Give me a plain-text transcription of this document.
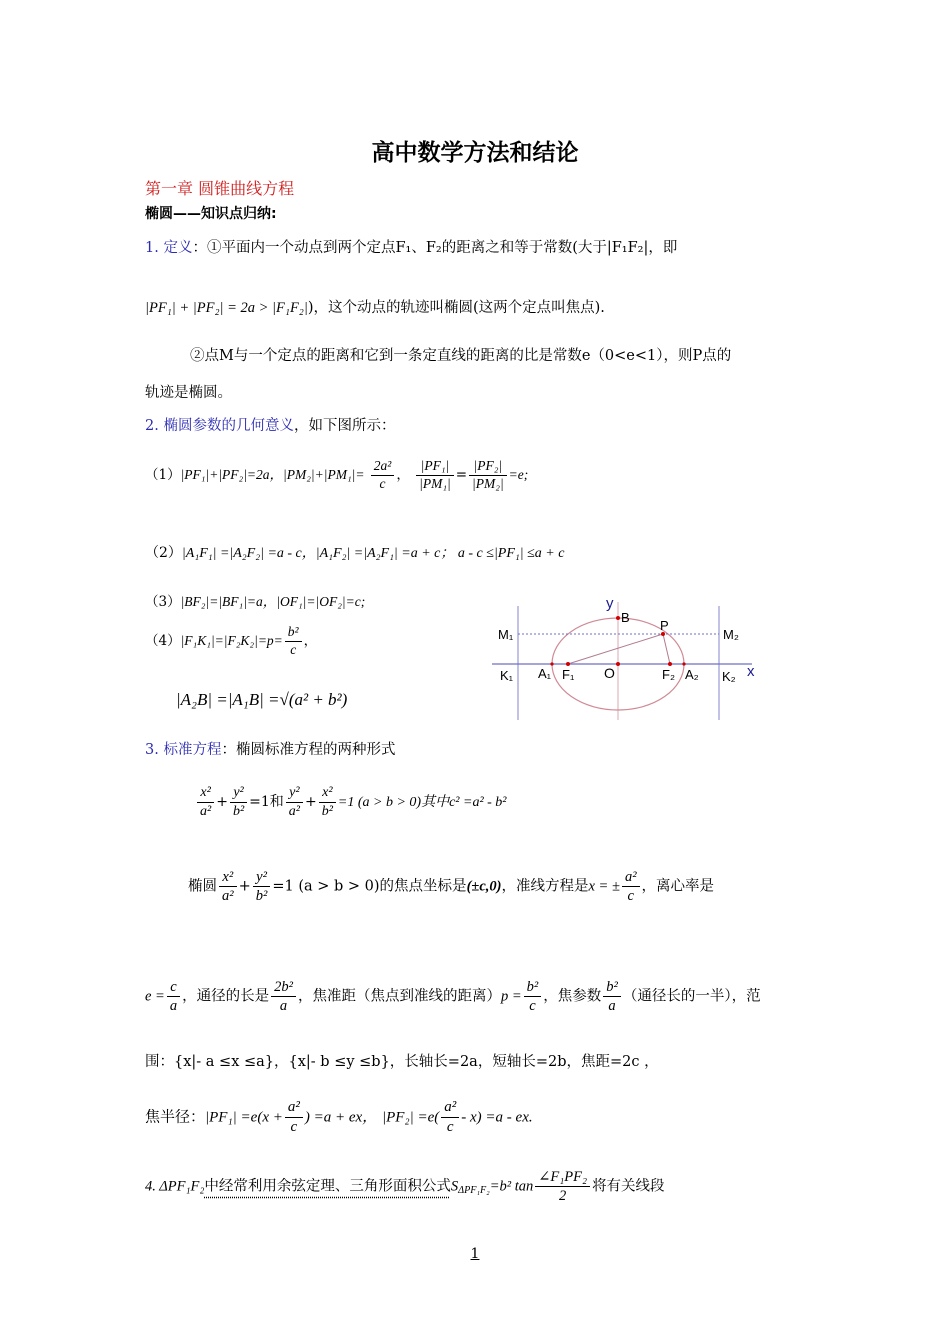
高中数学方法和结论
第一章 圆锥曲线方程
椭圆——知识点归纳:
1. 定义：①平面内一个动点到两个定点F₁、F₂的距离之和等于常数(大于|F₁F₂|，即
|PF₁| + |PF₂| = 2a > |F₁F₂|)，这个动点的轨迹叫椭圆(这两个定点叫焦点).
②点M与一个定点的距离和它到一条定直线的距离的比是常数e（0<e<1），则P点的
轨迹是椭圆。
2. 椭圆参数的几何意义，如下图所示：
（1）|PF₁|+|PF₂|=2a，$|PM_2|+|PM_1|= \frac{\text{2a²}}{c}$ ， $\frac{\text{|PF₁|}}{\text{|PM₁|}} = \frac{\text{|PF₂|}}{\text{|PM₂|}} =e$;
（2）|A₁F₁| =|A₂F₂| =a - c，|A₁F₂| =|A₂F₁| =a + c； a - c ≤|PF₁| ≤a + c
（3）|BF₂|=|BF₁|=a，|OF₁|=|OF₂|=c;
$(4)|F_1K_1|=|F_2K_2|=p= \frac{\text{b²}}{c}$ ，
|A₂B| =|A₁B| =√(a² + b²)
y
B
P
M₁	M₂
K₁ A₁ F₁ O	F₂ A₂ K₂ x
3. 标准方程：椭圆标准方程的两种形式
$\frac{\text{x²}}{\text{a²}} + \frac{\text{y²}}{\text{b²}} =1$和 $\frac{\text{y²}}{\text{a²}} + \frac{\text{x²}}{\text{b²}} =1$ (a > b > 0)其中c² =a² - b²
椭圆 $\frac{\text{x²}}{\text{a²}} + \frac{\text{y²}}{\text{b²}} =1$ (a > b > 0)的焦点坐标是(±c,0)，准线方程是x = ± $\frac{\text{a²}}{c}$ ，离心率是
$e = \frac{c}{a}$ ，通径的长是 $\frac{\text{2b²}}{a}$ ，焦准距（焦点到准线的距离）$p = \frac{\text{b²}}{c}$ ，焦参数 $\frac{\text{b²}}{a}$ （通径长的一半），范
围：{x|- a ≤x ≤a}，{x|- b ≤y ≤b}，长轴长=2a，短轴长=2b，焦距=2c ，
焦半径：$|PF_1| =e(x + \frac{\text{a²}}{c}$ ) =a + ex， $|PF_2| =e( \frac{\text{a²}}{c} - x) =a$ - ex.
4. ΔPF₁F₂中经常利用余弦定理、三角形面积公式$S_{\Delta PF_1F_2}=b^2$ $\tan \frac{\text{∠F₁PF₂}}{2}$ 将有关线段
1
